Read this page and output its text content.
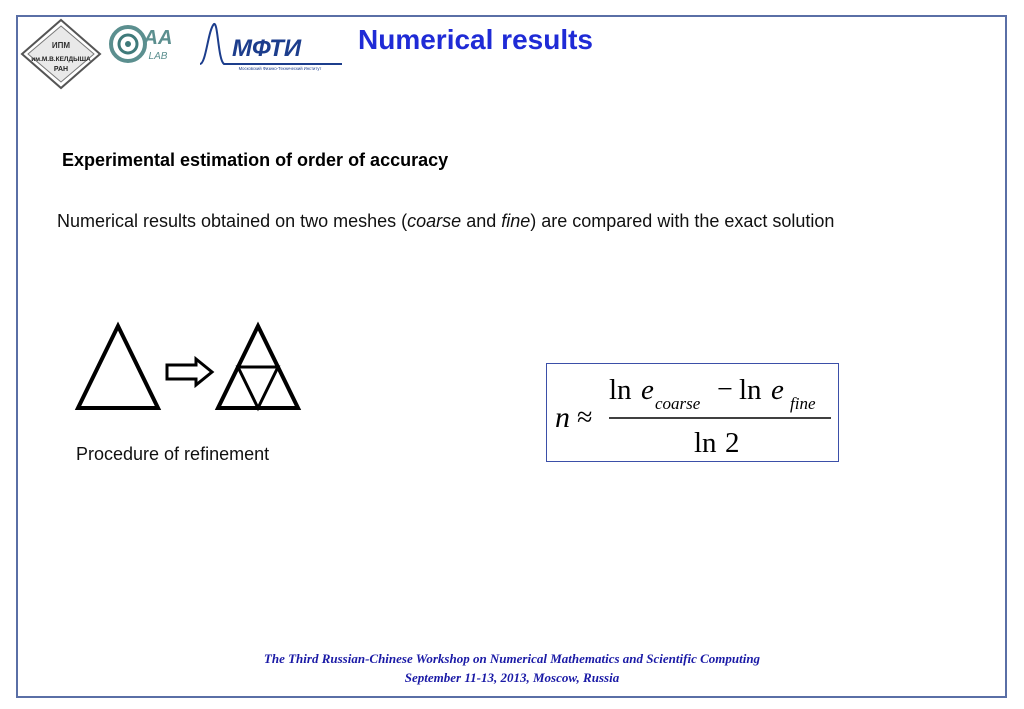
ИПМ
им.М.В.КЕЛДЫША
РАН
AA
LAB	МФТИ
Московский Физико-Технический Институт
Numerical results
Experimental estimation of order of accuracy
Numerical results obtained on two meshes (coarse and fine) are compared with the exact solution
Procedure of refinement
n ≈
ln e coarse − ln e fine
ln 2
The Third Russian-Chinese Workshop on Numerical Mathematics and Scientific Computing
September 11-13, 2013, Moscow, Russia
